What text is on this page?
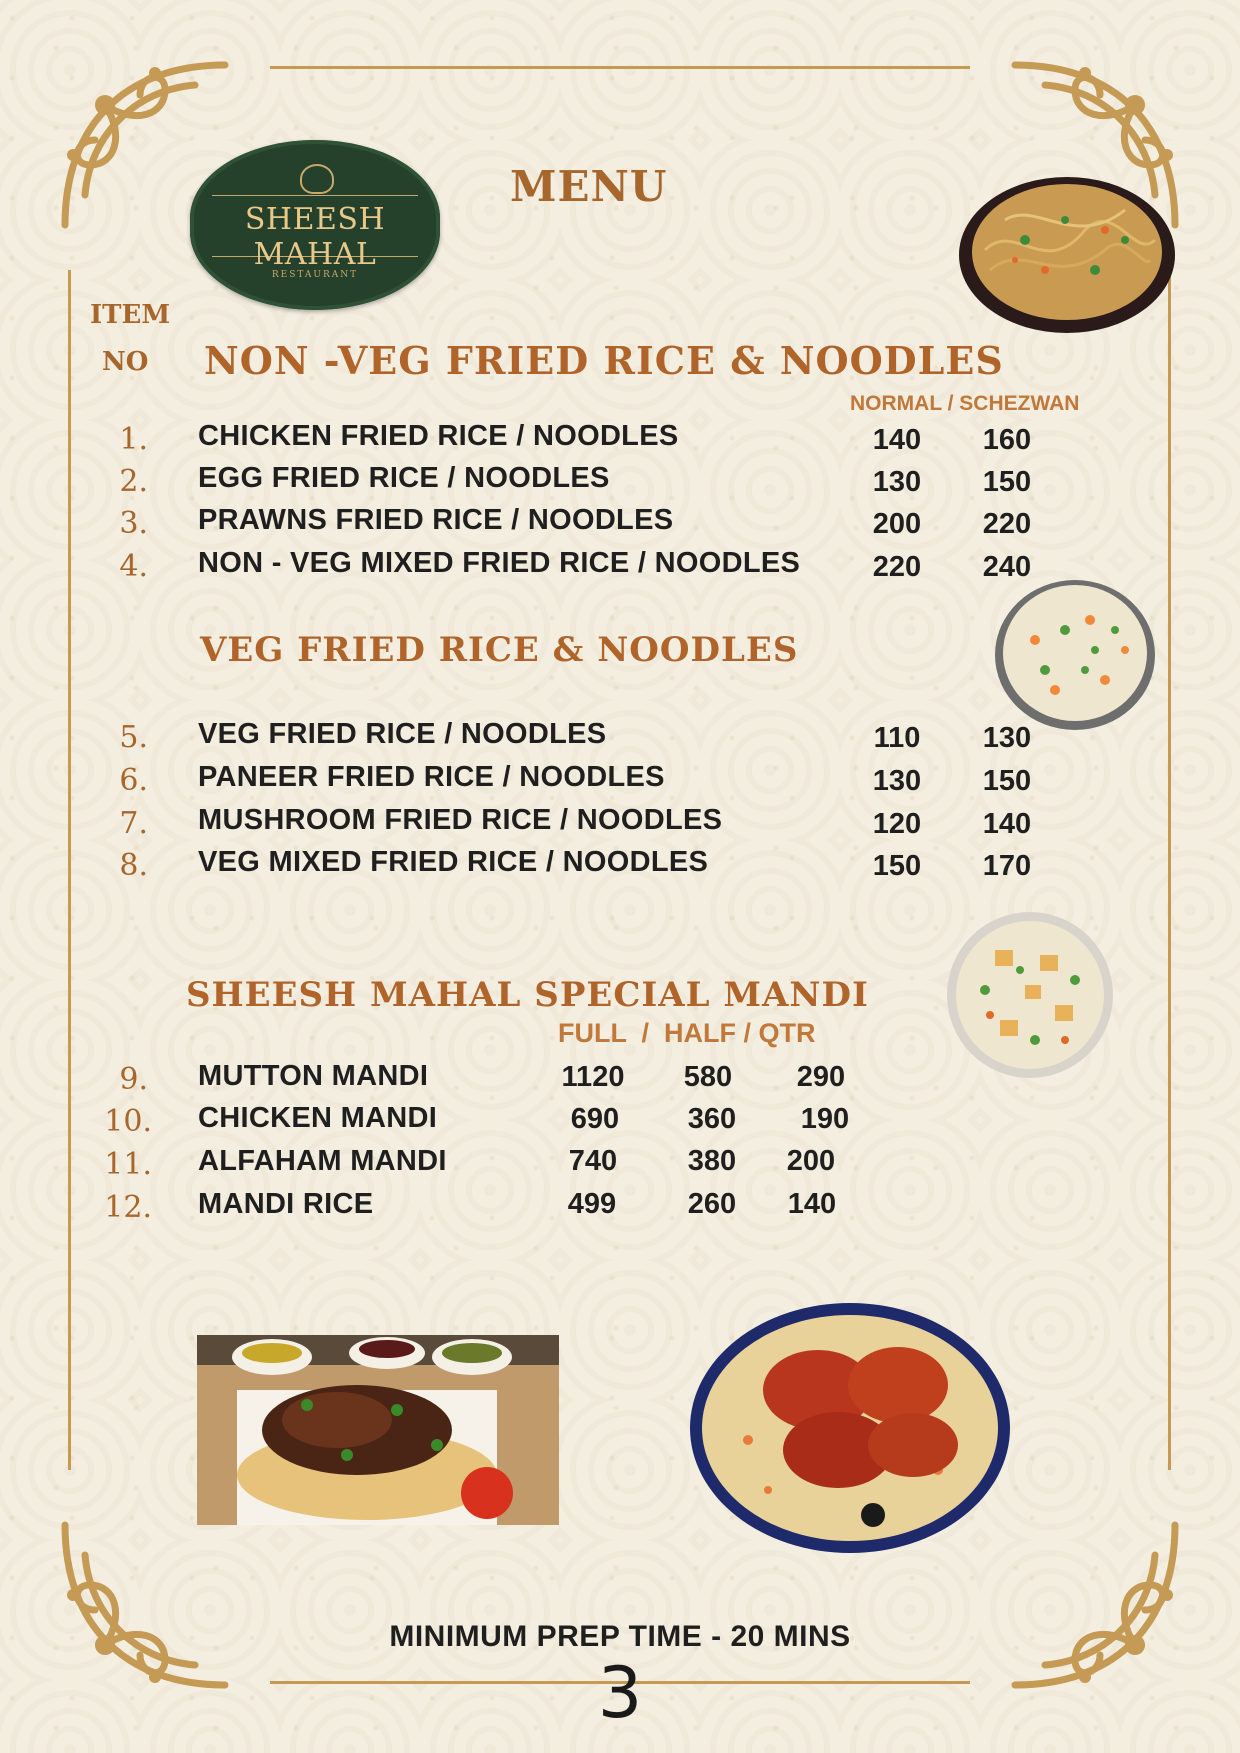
SHEESH MAHAL
RESTAURANT
MENU
ITEM
NO NON -VEG FRIED RICE & NOODLES
NORMAL / SCHEZWAN
1. CHICKEN FRIED RICE / NOODLES	140	160
2. EGG FRIED RICE / NOODLES	130	150
3. PRAWNS FRIED RICE / NOODLES	200	220
4. NON - VEG MIXED FRIED RICE / NOODLES	220	240
VEG FRIED RICE & NOODLES
5. VEG FRIED RICE / NOODLES	110	130
6. PANEER FRIED RICE / NOODLES	130	150
7. MUSHROOM FRIED RICE / NOODLES	120	140
8. VEG MIXED FRIED RICE / NOODLES	150	170
SHEESH MAHAL SPECIAL MANDI
FULL  /  HALF / QTR
9. MUTTON MANDI	1120	580	290
10. CHICKEN MANDI	690	360	190
11. ALFAHAM MANDI	740	380	200
12. MANDI RICE	499	260	140
MINIMUM PREP TIME - 20 MINS
3
